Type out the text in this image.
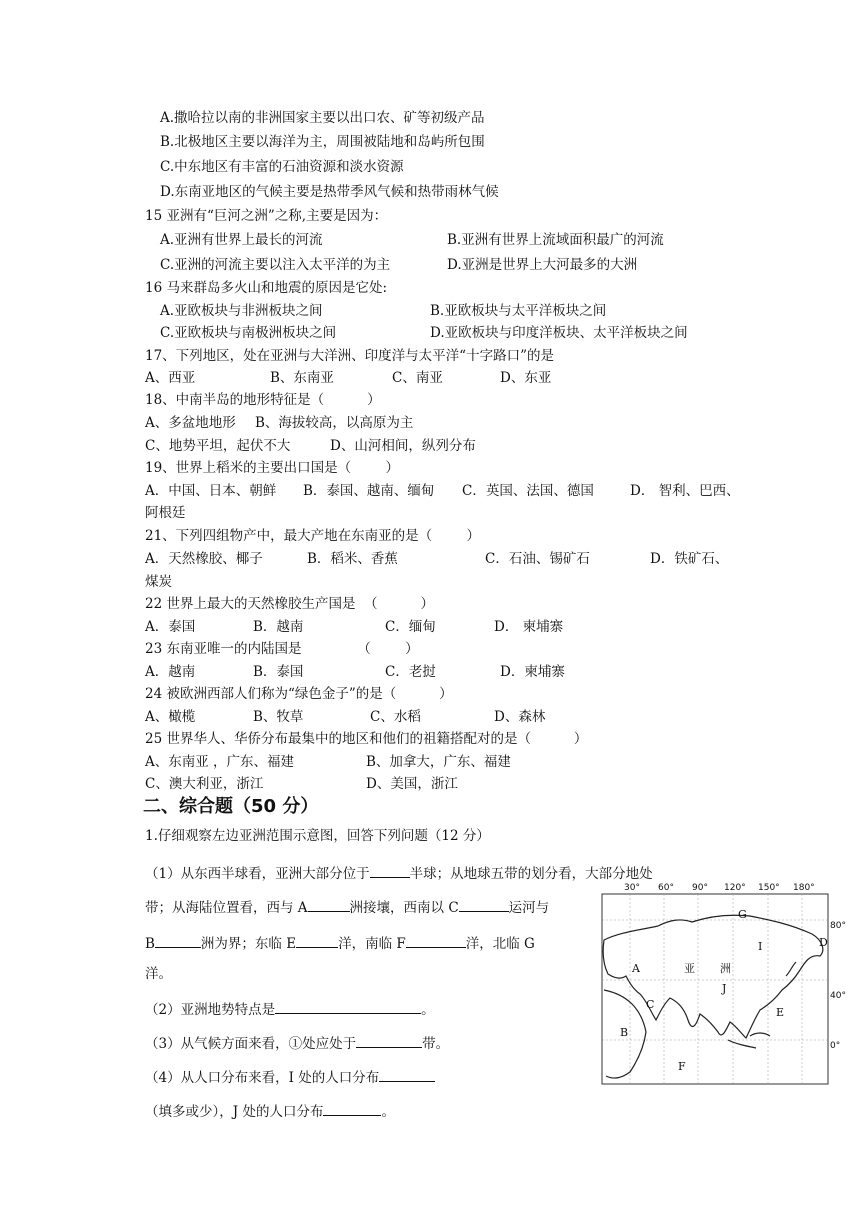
A.撒哈拉以南的非洲国家主要以出口农、矿等初级产品
B.北极地区主要以海洋为主，周围被陆地和岛屿所包围
C.中东地区有丰富的石油资源和淡水资源
D.东南亚地区的气候主要是热带季风气候和热带雨林气候
15 亚洲有“巨河之洲”之称,主要是因为：
A.亚洲有世界上最长的河流	B.亚洲有世界上流域面积最广的河流
C.亚洲的河流主要以注入太平洋的为主	D.亚洲是世界上大河最多的大洲
16 马来群岛多火山和地震的原因是它处:
A.亚欧板块与非洲板块之间	B.亚欧板块与太平洋板块之间
C.亚欧板块与南极洲板块之间	D.亚欧板块与印度洋板块、太平洋板块之间
17、下列地区，处在亚洲与大洋洲、印度洋与太平洋“十字路口”的是
A、西亚	B、东南亚	C、南亚	D、东亚
18、中南半岛的地形特征是（          ）
A、多盆地地形 B、海拔较高，以高原为主
C、地势平坦，起伏不大	D、山河相间，纵列分布
19、世界上稻米的主要出口国是（        ）
A．中国、日本、朝鲜 B．泰国、越南、缅甸 C．英国、法国、德国	D． 智利、巴西、
阿根廷
21、下列四组物产中，最大产地在东南亚的是（        ）
A．天然橡胶、椰子	B．稻米、香蕉	C．石油、锡矿石	D．铁矿石、
煤炭
22 世界上最大的天然橡胶生产国是  （          ）
A．泰国	B．越南	C．缅甸	D． 柬埔寨
23 东南亚唯一的内陆国是             （        ）
A．越南	B．泰国	C．老挝	D．柬埔寨
24 被欧洲西部人们称为“绿色金子”的是（          ）
A、橄榄	B、牧草	C、水稻	D、森林
25 世界华人、华侨分布最集中的地区和他们的祖籍搭配对的是（          ）
A、东南亚 ，广东、福建	B、加拿大，广东、福建
C、澳大利亚，浙江	D、美国，浙江
二、综合题（50 分）
1.仔细观察左边亚洲范围示意图，回答下列问题（12 分）
（1）从东西半球看，亚洲大部分位于	半球；从地球五带的划分看，大部分地处
带；从海陆位置看，西与 A	洲接壤，西南以 C	运河与
B	洲为界；东临 E	洋，南临 F	洋，北临 G
洋。
（2）亚洲地势特点是	。
（3）从气候方面来看，①处应处于	带。
（4）从人口分布来看，I 处的人口分布
（填多或少），J 处的人口分布	。
30° 60° 90° 120° 150° 180°
80°
40°
0°
A
B
C
D
E
F
G
I
J
亚 洲
